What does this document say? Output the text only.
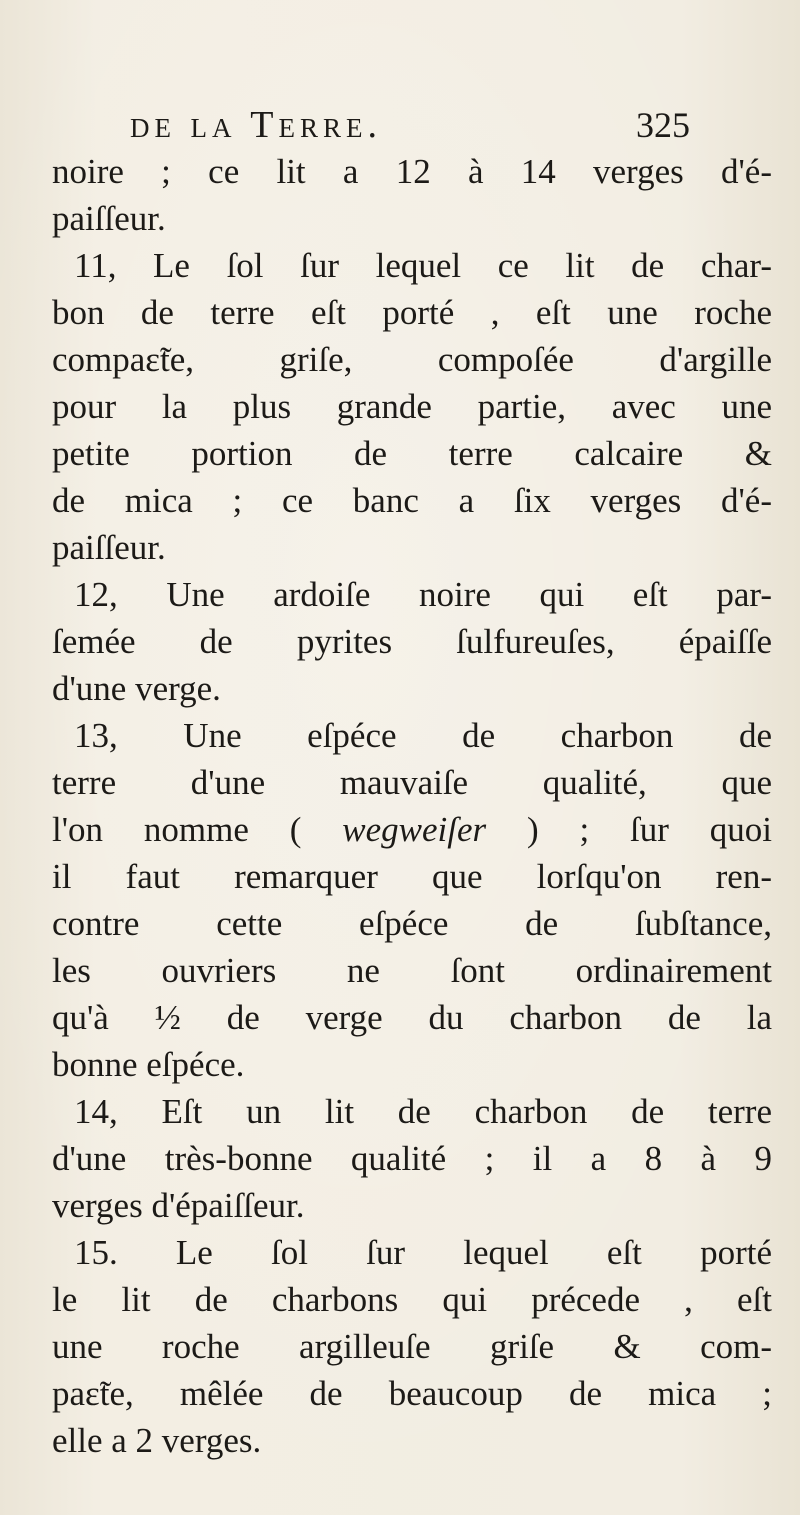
de la Terre.	325
noire ; ce lit a 12 à 14 verges d'é-
paiſſeur.
11, Le ſol ſur lequel ce lit de char-
bon de terre eſt porté , eſt une roche
compaɛ̃te, griſe, compoſée d'argille
pour la plus grande partie, avec une
petite portion de terre calcaire &
de mica ; ce banc a ſix verges d'é-
paiſſeur.
12, Une ardoiſe noire qui eſt par-
ſemée de pyrites ſulfureuſes, épaiſſe
d'une verge.
13, Une eſpéce de charbon de
terre d'une mauvaiſe qualité, que
l'on nomme ( wegweiſer ) ; ſur quoi
il faut remarquer que lorſqu'on ren-
contre cette eſpéce de ſubſtance,
les ouvriers ne ſont ordinairement
qu'à ½ de verge du charbon de la
bonne eſpéce.
14, Eſt un lit de charbon de terre
d'une très-bonne qualité ; il a 8 à 9
verges d'épaiſſeur.
15. Le ſol ſur lequel eſt porté
le lit de charbons qui précede , eſt
une roche argilleuſe griſe & com-
paɛ̃te, mêlée de beaucoup de mica ;
elle a 2 verges.
